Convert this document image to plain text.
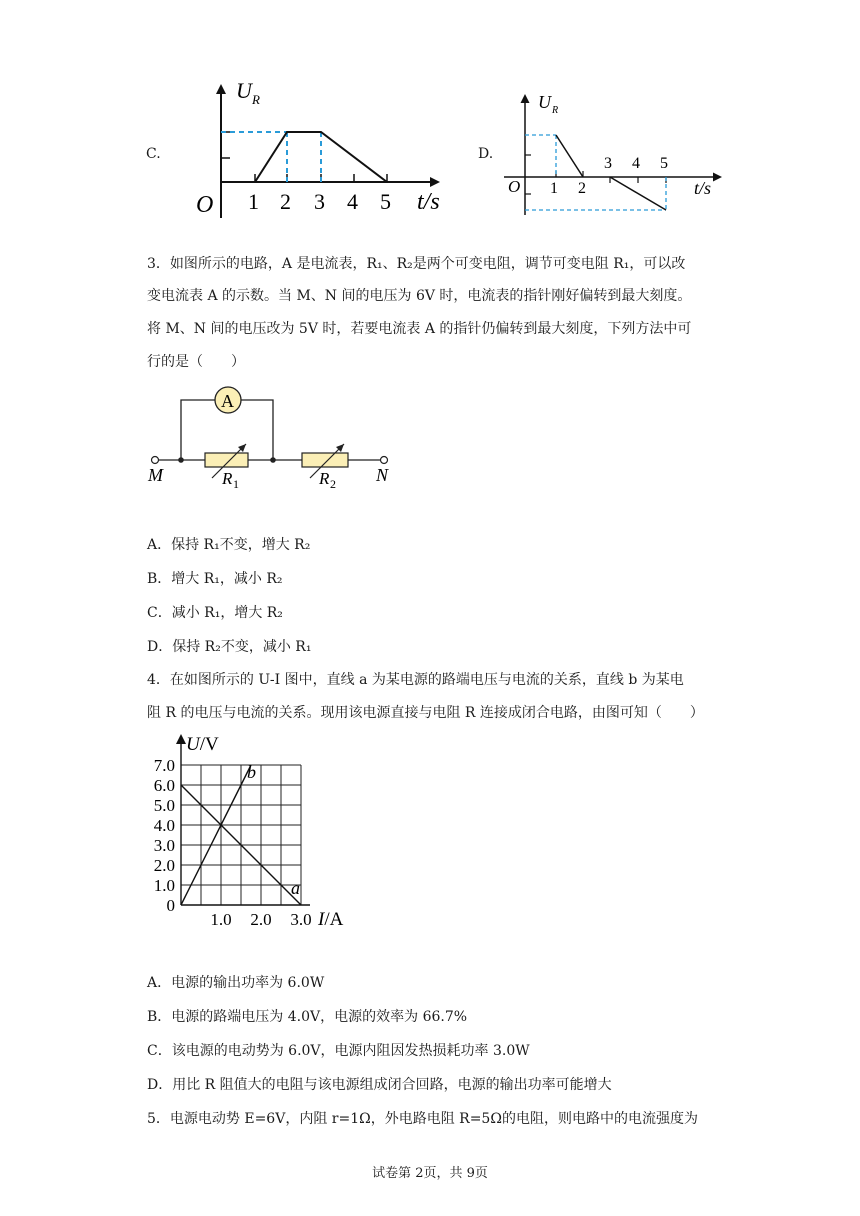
C.
U R
O 1 2 3 4 5 t/s
D.
U R
O 1 2
3 4 5
t/s
3．如图所示的电路，A 是电流表，R₁、R₂是两个可变电阻，调节可变电阻 R₁，可以改
变电流表 A 的示数。当 M、N 间的电压为 6V 时，电流表的指针刚好偏转到最大刻度。
将 M、N 间的电压改为 5V 时，若要电流表 A 的指针仍偏转到最大刻度，下列方法中可
行的是（　　）
A
M	N
R 1	R 2
A．保持 R₁不变，增大 R₂
B．增大 R₁，减小 R₂
C．减小 R₁，增大 R₂
D．保持 R₂不变，减小 R₁
4．在如图所示的 U-I 图中，直线 a 为某电源的路端电压与电流的关系，直线 b 为某电
阻 R 的电压与电流的关系。现用该电源直接与电阻 R 连接成闭合电路，由图可知（　　）
0
1.0
2.0
3.0
4.0
5.0
6.0
7.0
1.0 2.0 3.0
U/V
I/A
a
b
A．电源的输出功率为 6.0W
B．电源的路端电压为 4.0V，电源的效率为 66.7%
C．该电源的电动势为 6.0V，电源内阻因发热损耗功率 3.0W
D．用比 R 阻值大的电阻与该电源组成闭合回路，电源的输出功率可能增大
5．电源电动势 E=6V，内阻 r=1Ω，外电路电阻 R=5Ω的电阻，则电路中的电流强度为
试卷第 2页，共 9页
